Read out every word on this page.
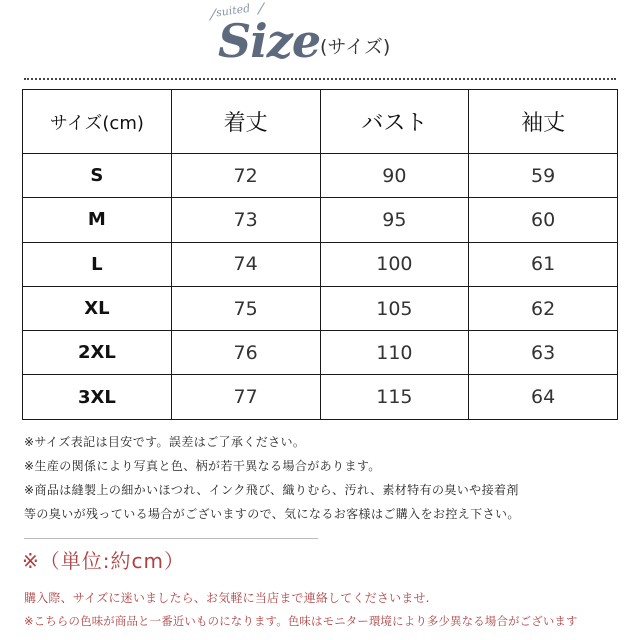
suited
Size (サイズ)
サイズ(cm)	着丈	バスト	袖丈
S	72	90	59
M	73	95	60
L	74	100	61
XL	75	105	62
2XL	76	110	63
3XL	77	115	64
※サイズ表記は目安です。誤差はご了承ください。
※生産の関係により写真と色、柄が若干異なる場合があります。
※商品は縫製上の細かいほつれ、インク飛び、織りむら、汚れ、素材特有の臭いや接着剤
等の臭いが残っている場合がございますので、気になるお客様はご購入をお控え下さい。
※（単位:約cm）
購入際、サイズに迷いましたら、お気軽に当店まで連絡してくださいませ.
※こちらの色味が商品と一番近いものになります。色味はモニター環境により多少異なる場合がございます
